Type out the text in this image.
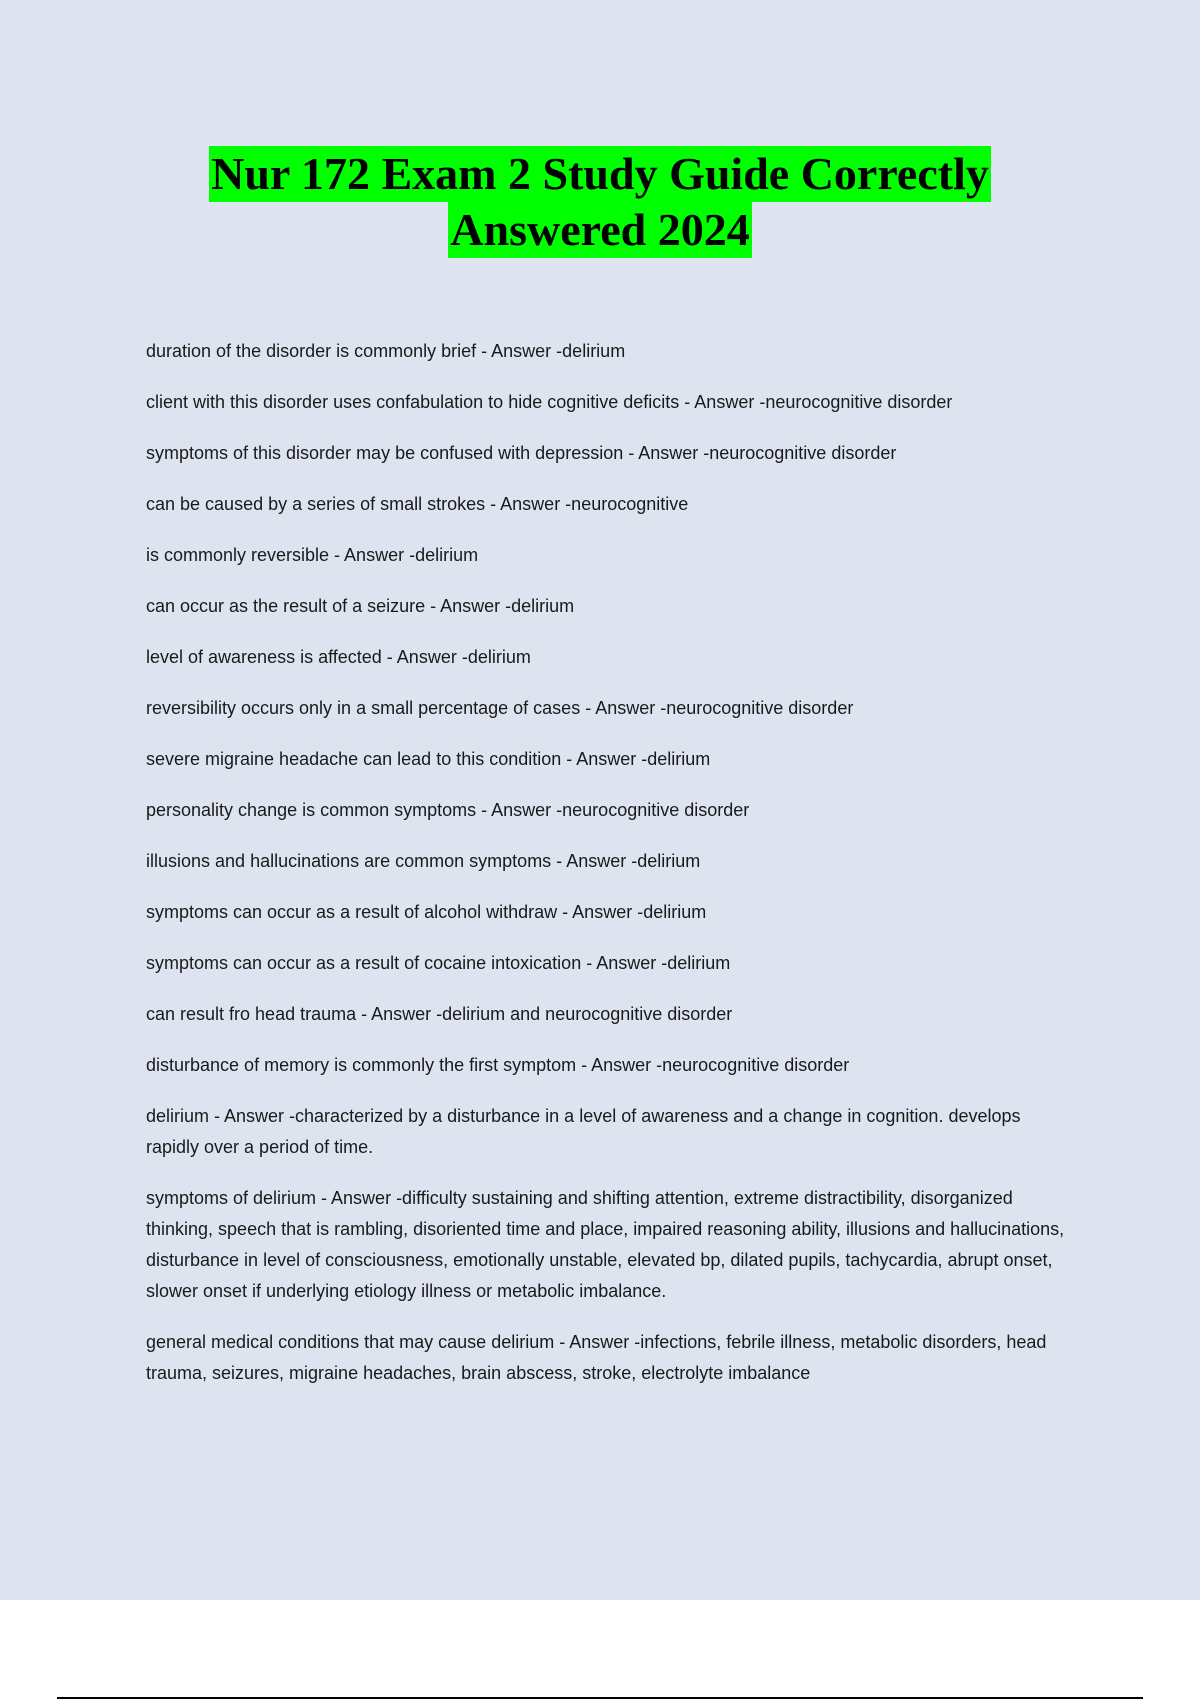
Nur 172 Exam 2 Study Guide Correctly
Answered 2024
duration of the disorder is commonly brief - Answer -delirium
client with this disorder uses confabulation to hide cognitive deficits - Answer -neurocognitive disorder
symptoms of this disorder may be confused with depression - Answer -neurocognitive disorder
can be caused by a series of small strokes - Answer -neurocognitive
is commonly reversible - Answer -delirium
can occur as the result of a seizure - Answer -delirium
level of awareness is affected - Answer -delirium
reversibility occurs only in a small percentage of cases - Answer -neurocognitive disorder
severe migraine headache can lead to this condition - Answer -delirium
personality change is common symptoms - Answer -neurocognitive disorder
illusions and hallucinations are common symptoms - Answer -delirium
symptoms can occur as a result of alcohol withdraw - Answer -delirium
symptoms can occur as a result of cocaine intoxication - Answer -delirium
can result fro head trauma - Answer -delirium and neurocognitive disorder
disturbance of memory is commonly the first symptom - Answer -neurocognitive disorder
delirium - Answer -characterized by a disturbance in a level of awareness and a change in cognition. develops rapidly over a period of time.
symptoms of delirium - Answer -difficulty sustaining and shifting attention, extreme distractibility, disorganized thinking, speech that is rambling, disoriented time and place, impaired reasoning ability, illusions and hallucinations, disturbance in level of consciousness, emotionally unstable, elevated bp, dilated pupils, tachycardia, abrupt onset, slower onset if underlying etiology illness or metabolic imbalance.
general medical conditions that may cause delirium - Answer -infections, febrile illness, metabolic disorders, head trauma, seizures, migraine headaches, brain abscess, stroke, electrolyte imbalance
